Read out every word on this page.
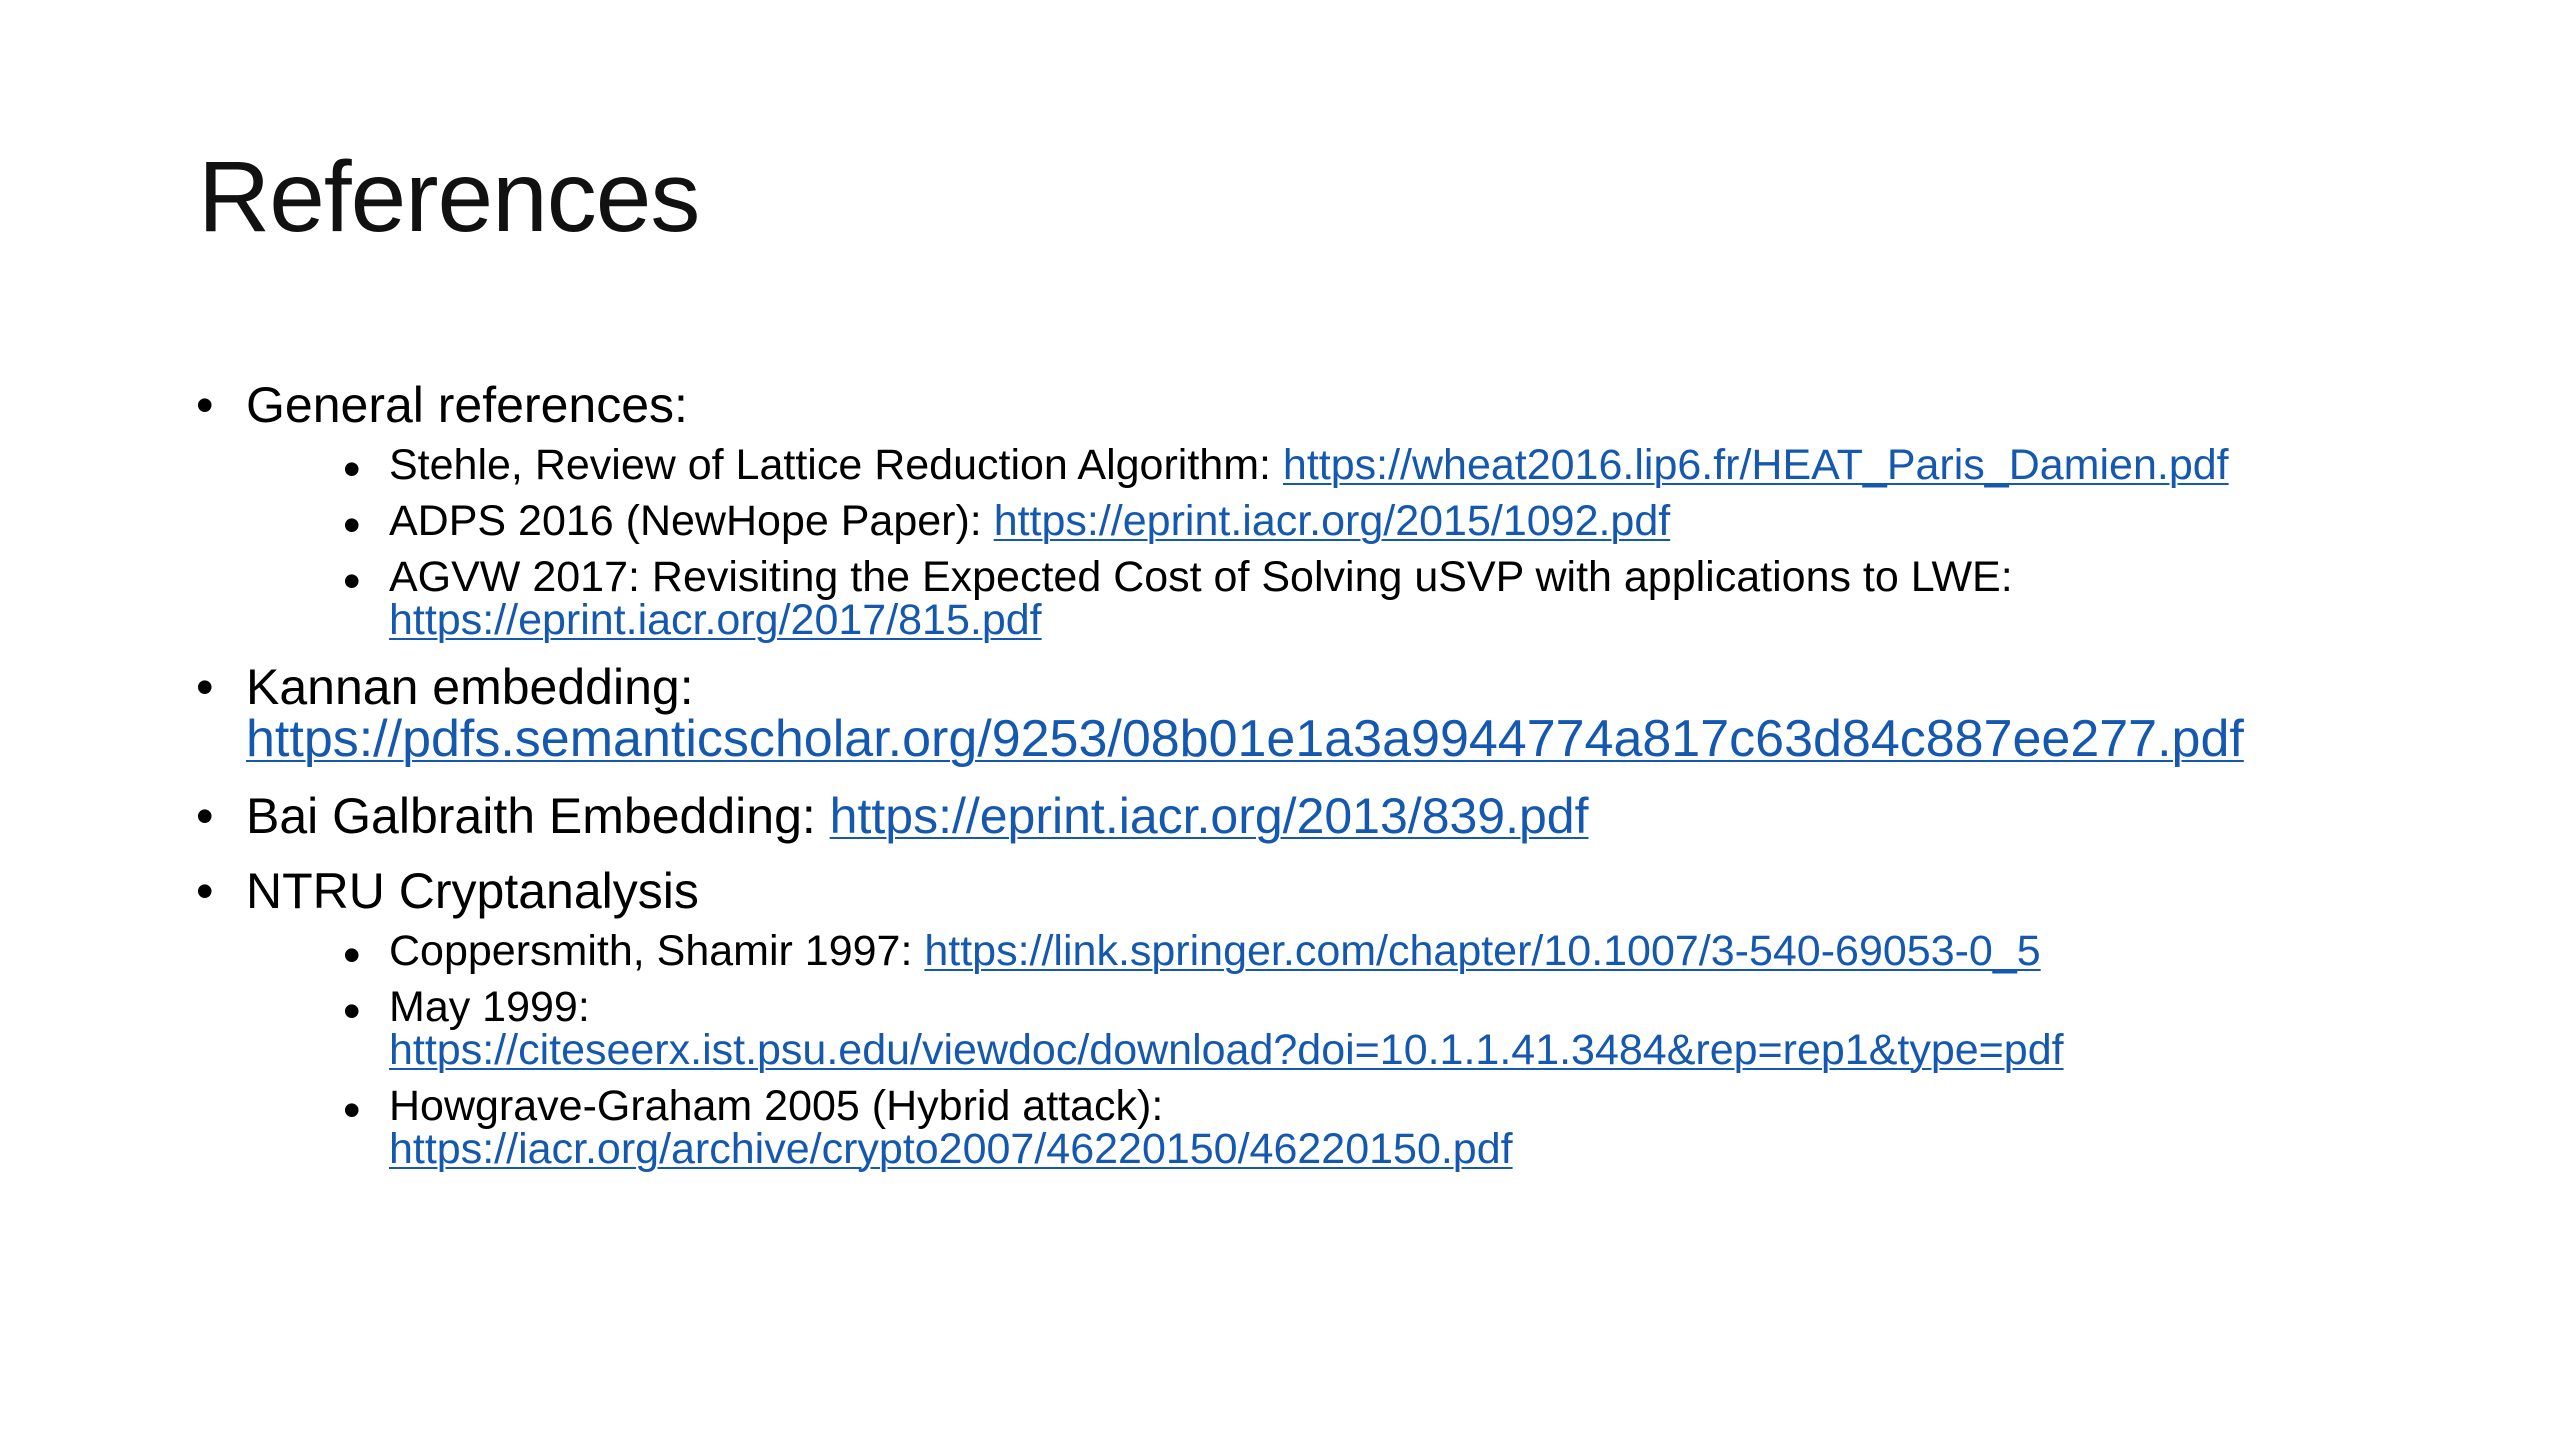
References
• General references:
• Stehle, Review of Lattice Reduction Algorithm: https://wheat2016.lip6.fr/HEAT_Paris_Damien.pdf
• ADPS 2016 (NewHope Paper): https://eprint.iacr.org/2015/1092.pdf
• AGVW 2017: Revisiting the Expected Cost of Solving uSVP with applications to LWE:
https://eprint.iacr.org/2017/815.pdf
• Kannan embedding:
https://pdfs.semanticscholar.org/9253/08b01e1a3a9944774a817c63d84c887ee277.pdf
• Bai Galbraith Embedding: https://eprint.iacr.org/2013/839.pdf
• NTRU Cryptanalysis
• Coppersmith, Shamir 1997: https://link.springer.com/chapter/10.1007/3-540-69053-0_5
• May 1999:
https://citeseerx.ist.psu.edu/viewdoc/download?doi=10.1.1.41.3484&rep=rep1&type=pdf
• Howgrave-Graham 2005 (Hybrid attack):
https://iacr.org/archive/crypto2007/46220150/46220150.pdf
